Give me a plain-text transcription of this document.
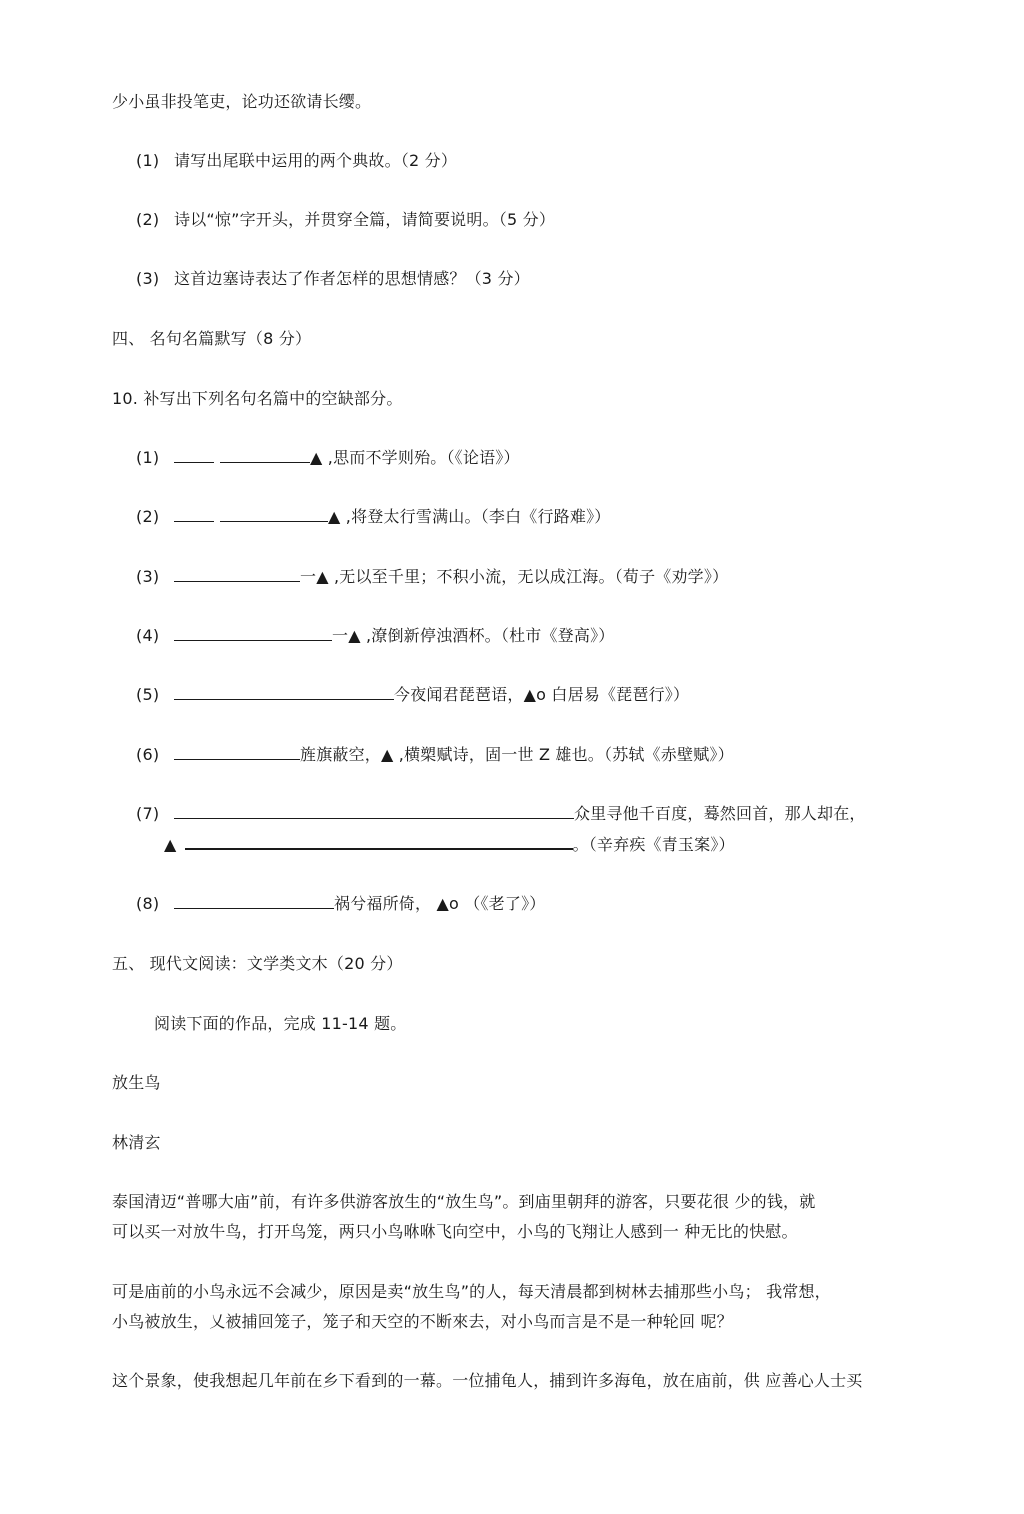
少小虽非投笔吏，论功还欲请长缨。
(1) 请写出尾联中运用的两个典故。（2 分）
(2) 诗以“惊”字开头，并贯穿全篇，请简要说明。（5 分）
(3) 这首边塞诗表达了作者怎样的思想情感？（3 分）
四、 名句名篇默写（8 分）
10. 补写出下列名句名篇中的空缺部分。
(1)	▲ ,思而不学则殆。（《论语》）
(2)	▲ ,将登太行雪满山。（李白《行路难》）
(3)	一▲ ,无以至千里；不积小流，无以成江海。（荀子《劝学》）
(4)	一▲ ,潦倒新停浊酒杯。（杜市《登高》）
(5)	今夜闻君琵琶语，▲o 白居易《琵琶行》）
(6)	旌旗蔽空，▲ ,横槊赋诗，固一世 Z 雄也。（苏轼《赤壁赋》）
(7)	众里寻他千百度，蓦然回首，那人却在，
▲	。（辛弃疾《青玉案》）
(8)	祸兮福所倚， ▲o （《老了》）
五、 现代文阅读：文学类文木（20 分）
阅读下面的作品，完成 11-14 题。
放生鸟
林清玄
泰国清迈“普哪大庙”前，有许多供游客放生的“放生鸟”。到庙里朝拜的游客，只要花很 少的钱，就
可以买一对放牛鸟，打开鸟笼，两只小鸟咻咻飞向空中，小鸟的飞翔让人感到一 种无比的快慰。
可是庙前的小鸟永远不会减少，原因是卖“放生鸟”的人，每天清晨都到树林去捕那些小鸟； 我常想，
小鸟被放生，乂被捕回笼子，笼子和天空的不断來去，对小鸟而言是不是一种轮回 呢？
这个景象，使我想起几年前在乡下看到的一幕。一位捕龟人，捕到许多海龟，放在庙前，供 应善心人士买
